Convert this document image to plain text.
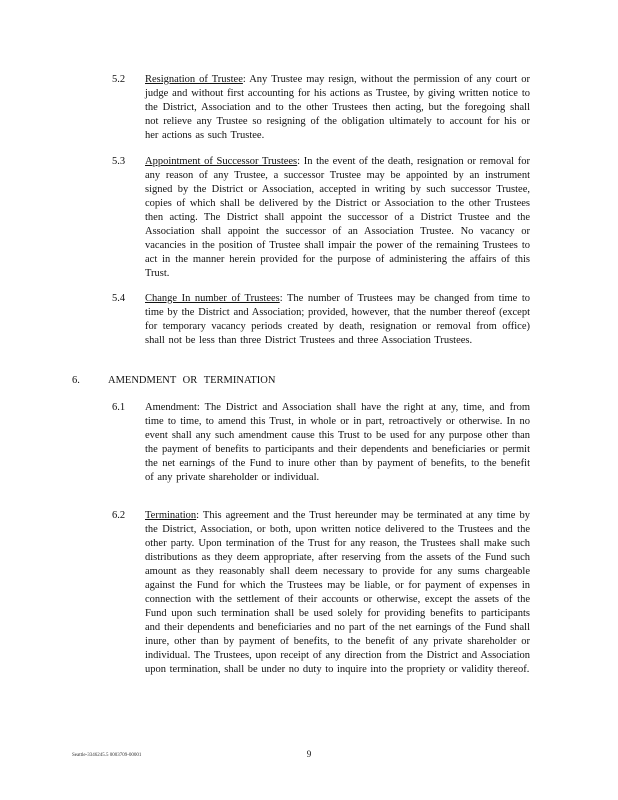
5.2 Resignation of Trustee: Any Trustee may resign, without the permission of any court or judge and without first accounting for his actions as Trustee, by giving written notice to the District, Association and to the other Trustees then acting, but the foregoing shall not relieve any Trustee so resigning of the obligation ultimately to account for his or her actions as such Trustee.
5.3 Appointment of Successor Trustees: In the event of the death, resignation or removal for any reason of any Trustee, a successor Trustee may be appointed by an instrument signed by the District or Association, accepted in writing by such successor Trustee, copies of which shall be delivered by the District or Association to the other Trustees then acting. The District shall appoint the successor of a District Trustee and the Association shall appoint the successor of an Association Trustee. No vacancy or vacancies in the position of Trustee shall impair the power of the remaining Trustees to act in the manner herein provided for the purpose of administering the affairs of this Trust.
5.4 Change In number of Trustees: The number of Trustees may be changed from time to time by the District and Association; provided, however, that the number thereof (except for temporary vacancy periods created by death, resignation or removal from office) shall not be less than three District Trustees and three Association Trustees.
6.	AMENDMENT OR TERMINATION
6.1 Amendment: The District and Association shall have the right at any, time, and from time to time, to amend this Trust, in whole or in part, retroactively or otherwise. In no event shall any such amendment cause this Trust to be used for any purpose other than the payment of benefits to participants and their dependents and beneficiaries or permit the net earnings of the Fund to inure other than by payment of benefits, to the benefit of any private shareholder or individual.
6.2 Termination: This agreement and the Trust hereunder may be terminated at any time by the District, Association, or both, upon written notice delivered to the Trustees and the other party. Upon termination of the Trust for any reason, the Trustees shall make such distributions as they deem appropriate, after reserving from the assets of the Fund such amount as they reasonably shall deem necessary to provide for any sums chargeable against the Fund for which the Trustees may be liable, or for payment of expenses in connection with the settlement of their accounts or otherwise, except the assets of the Fund upon such termination shall be used solely for providing benefits to participants and their dependents and beneficiaries and no part of the net earnings of the Fund shall inure, other than by payment of benefits, to the benefit of any private shareholder or individual. The Trustees, upon receipt of any direction from the District and Association upon termination, shall be under no duty to inquire into the propriety or validity thereof.
Seattle-3346245.5 0003709-00001	9
